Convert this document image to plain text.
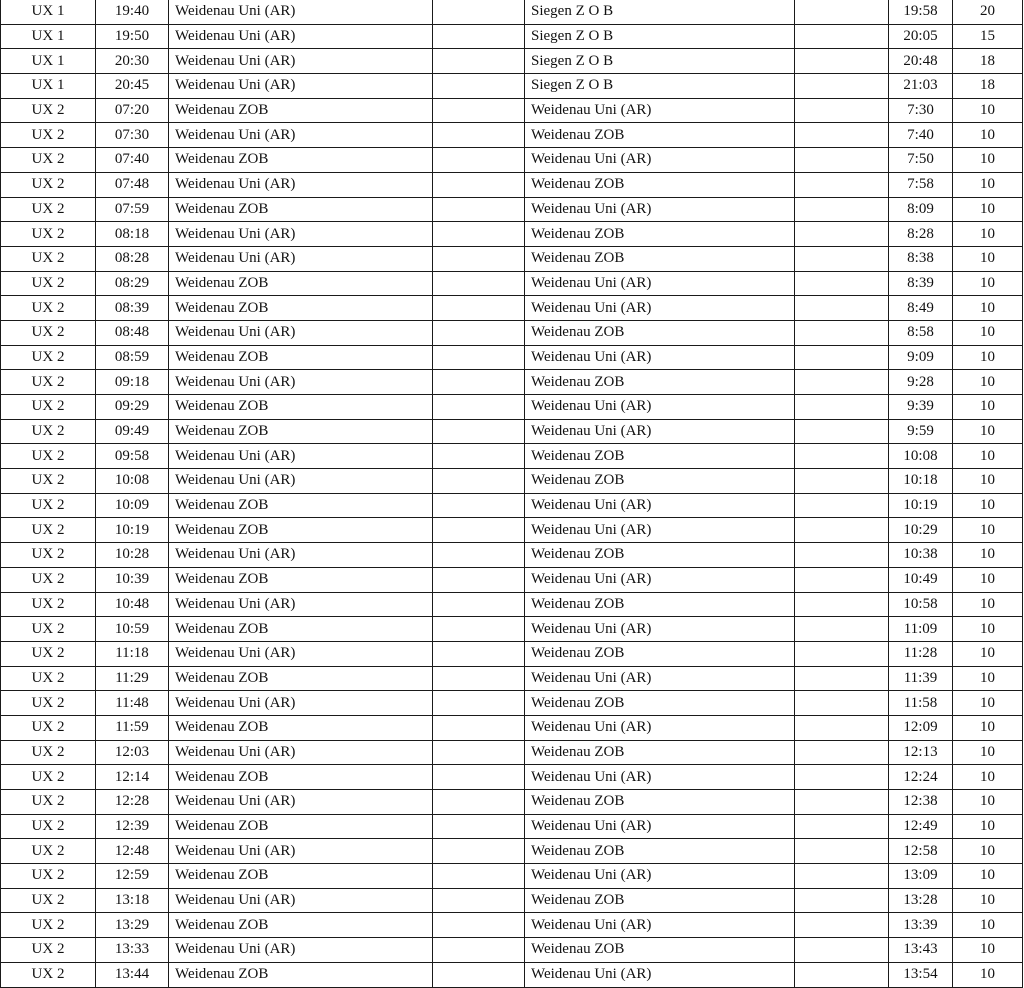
UX 1	19:40	Weidenau Uni (AR)		Siegen Z O B		19:58	20
UX 1	19:50	Weidenau Uni (AR)		Siegen Z O B		20:05	15
UX 1	20:30	Weidenau Uni (AR)		Siegen Z O B		20:48	18
UX 1	20:45	Weidenau Uni (AR)		Siegen Z O B		21:03	18
UX 2	07:20	Weidenau ZOB		Weidenau Uni (AR)		7:30	10
UX 2	07:30	Weidenau Uni (AR)		Weidenau ZOB		7:40	10
UX 2	07:40	Weidenau ZOB		Weidenau Uni (AR)		7:50	10
UX 2	07:48	Weidenau Uni (AR)		Weidenau ZOB		7:58	10
UX 2	07:59	Weidenau ZOB		Weidenau Uni (AR)		8:09	10
UX 2	08:18	Weidenau Uni (AR)		Weidenau ZOB		8:28	10
UX 2	08:28	Weidenau Uni (AR)		Weidenau ZOB		8:38	10
UX 2	08:29	Weidenau ZOB		Weidenau Uni (AR)		8:39	10
UX 2	08:39	Weidenau ZOB		Weidenau Uni (AR)		8:49	10
UX 2	08:48	Weidenau Uni (AR)		Weidenau ZOB		8:58	10
UX 2	08:59	Weidenau ZOB		Weidenau Uni (AR)		9:09	10
UX 2	09:18	Weidenau Uni (AR)		Weidenau ZOB		9:28	10
UX 2	09:29	Weidenau ZOB		Weidenau Uni (AR)		9:39	10
UX 2	09:49	Weidenau ZOB		Weidenau Uni (AR)		9:59	10
UX 2	09:58	Weidenau Uni (AR)		Weidenau ZOB		10:08	10
UX 2	10:08	Weidenau Uni (AR)		Weidenau ZOB		10:18	10
UX 2	10:09	Weidenau ZOB		Weidenau Uni (AR)		10:19	10
UX 2	10:19	Weidenau ZOB		Weidenau Uni (AR)		10:29	10
UX 2	10:28	Weidenau Uni (AR)		Weidenau ZOB		10:38	10
UX 2	10:39	Weidenau ZOB		Weidenau Uni (AR)		10:49	10
UX 2	10:48	Weidenau Uni (AR)		Weidenau ZOB		10:58	10
UX 2	10:59	Weidenau ZOB		Weidenau Uni (AR)		11:09	10
UX 2	11:18	Weidenau Uni (AR)		Weidenau ZOB		11:28	10
UX 2	11:29	Weidenau ZOB		Weidenau Uni (AR)		11:39	10
UX 2	11:48	Weidenau Uni (AR)		Weidenau ZOB		11:58	10
UX 2	11:59	Weidenau ZOB		Weidenau Uni (AR)		12:09	10
UX 2	12:03	Weidenau Uni (AR)		Weidenau ZOB		12:13	10
UX 2	12:14	Weidenau ZOB		Weidenau Uni (AR)		12:24	10
UX 2	12:28	Weidenau Uni (AR)		Weidenau ZOB		12:38	10
UX 2	12:39	Weidenau ZOB		Weidenau Uni (AR)		12:49	10
UX 2	12:48	Weidenau Uni (AR)		Weidenau ZOB		12:58	10
UX 2	12:59	Weidenau ZOB		Weidenau Uni (AR)		13:09	10
UX 2	13:18	Weidenau Uni (AR)		Weidenau ZOB		13:28	10
UX 2	13:29	Weidenau ZOB		Weidenau Uni (AR)		13:39	10
UX 2	13:33	Weidenau Uni (AR)		Weidenau ZOB		13:43	10
UX 2	13:44	Weidenau ZOB		Weidenau Uni (AR)		13:54	10
